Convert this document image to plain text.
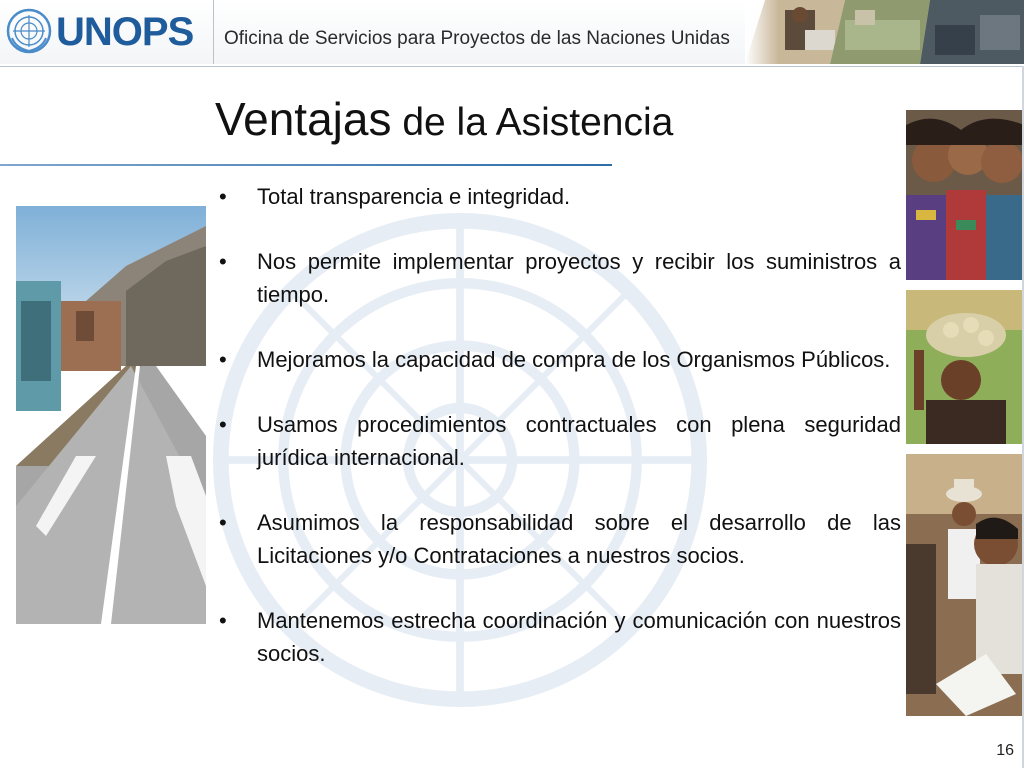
UNOPS Oficina de Servicios para Proyectos de las Naciones Unidas
Ventajas de la Asistencia
• Total transparencia e integridad.
• Nos permite implementar proyectos y recibir los suministros a tiempo.
• Mejoramos la capacidad de compra de los Organismos Públicos.
• Usamos procedimientos contractuales con plena seguridad jurídica internacional.
• Asumimos la responsabilidad sobre el desarrollo de las Licitaciones y/o Contrataciones a nuestros socios.
• Mantenemos estrecha coordinación y comunicación con nuestros socios.
16
